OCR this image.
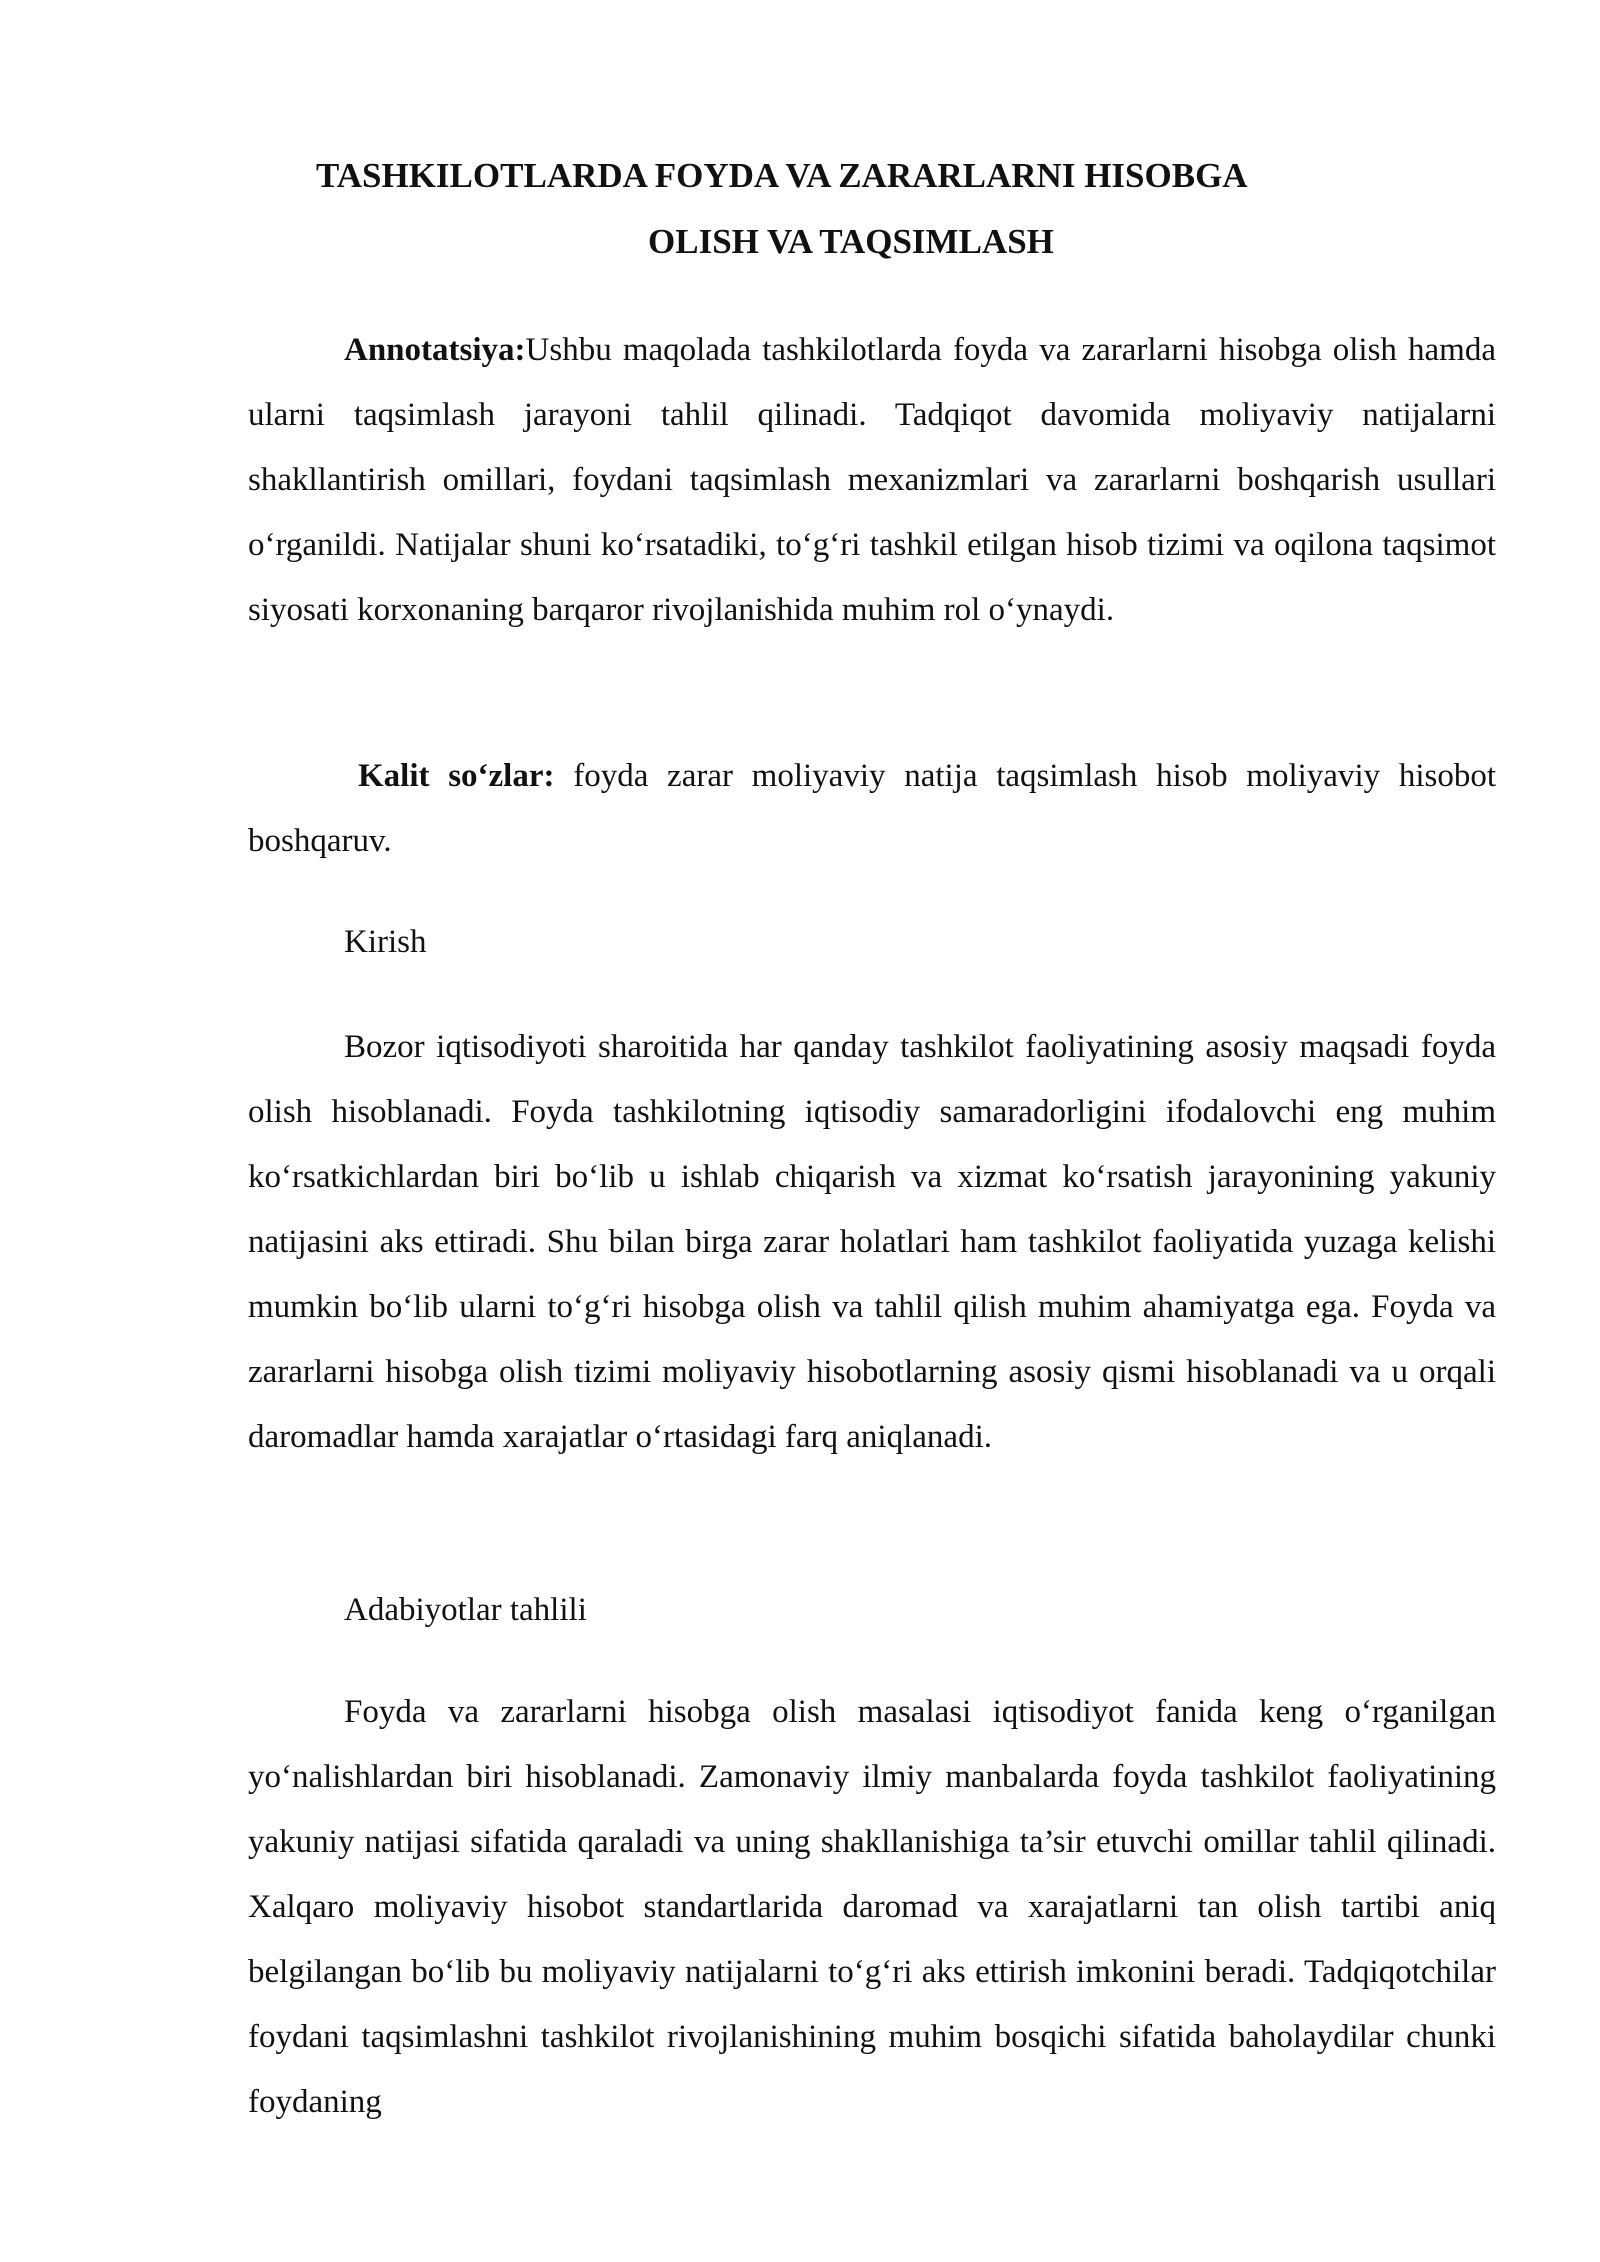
TASHKILOTLARDA FOYDA VA ZARARLARNI HISOBGA
OLISH VA TAQSIMLASH

Annotatsiya:Ushbu maqolada tashkilotlarda foyda va zararlarni hisobga olish hamda ularni taqsimlash jarayoni tahlil qilinadi. Tadqiqot davomida moliyaviy natijalarni shakllantirish omillari, foydani taqsimlash mexanizmlari va zararlarni boshqarish usullari o‘rganildi. Natijalar shuni ko‘rsatadiki, to‘g‘ri tashkil etilgan hisob tizimi va oqilona taqsimot siyosati korxonaning barqaror rivojlanishida muhim rol o‘ynaydi.

Kalit so‘zlar: foyda zarar moliyaviy natija taqsimlash hisob moliyaviy hisobot boshqaruv.

Kirish

Bozor iqtisodiyoti sharoitida har qanday tashkilot faoliyatining asosiy maqsadi foyda olish hisoblanadi. Foyda tashkilotning iqtisodiy samaradorligini ifodalovchi eng muhim ko‘rsatkichlardan biri bo‘lib u ishlab chiqarish va xizmat ko‘rsatish jarayonining yakuniy natijasini aks ettiradi. Shu bilan birga zarar holatlari ham tashkilot faoliyatida yuzaga kelishi mumkin bo‘lib ularni to‘g‘ri hisobga olish va tahlil qilish muhim ahamiyatga ega. Foyda va zararlarni hisobga olish tizimi moliyaviy hisobotlarning asosiy qismi hisoblanadi va u orqali daromadlar hamda xarajatlar o‘rtasidagi farq aniqlanadi.

Adabiyotlar tahlili

Foyda va zararlarni hisobga olish masalasi iqtisodiyot fanida keng o‘rganilgan yo‘nalishlardan biri hisoblanadi. Zamonaviy ilmiy manbalarda foyda tashkilot faoliyatining yakuniy natijasi sifatida qaraladi va uning shakllanishiga ta’sir etuvchi omillar tahlil qilinadi. Xalqaro moliyaviy hisobot standartlarida daromad va xarajatlarni tan olish tartibi aniq belgilangan bo‘lib bu moliyaviy natijalarni to‘g‘ri aks ettirish imkonini beradi. Tadqiqotchilar foydani taqsimlashni tashkilot rivojlanishining muhim bosqichi sifatida baholaydilar chunki foydaning
